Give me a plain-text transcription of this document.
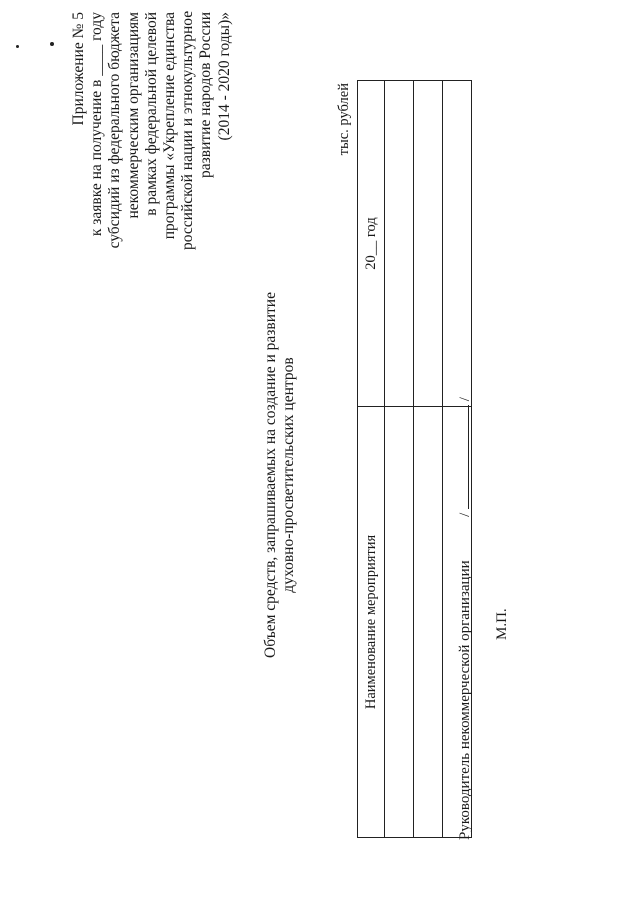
Приложение № 5 к заявке на получение в ____ году субсидий из федерального бюджета некоммерческим организациям в рамках федеральной целевой программы «Укрепление единства российской нации и этнокультурное развитие народов России (2014 - 2020 годы)»
Объем средств, запрашиваемых на создание и развитие духовно-просветительских центров
тыс. рублей
Наименование мероприятия	20__ год

Руководитель некоммерческой организации  /  /
М.П.
